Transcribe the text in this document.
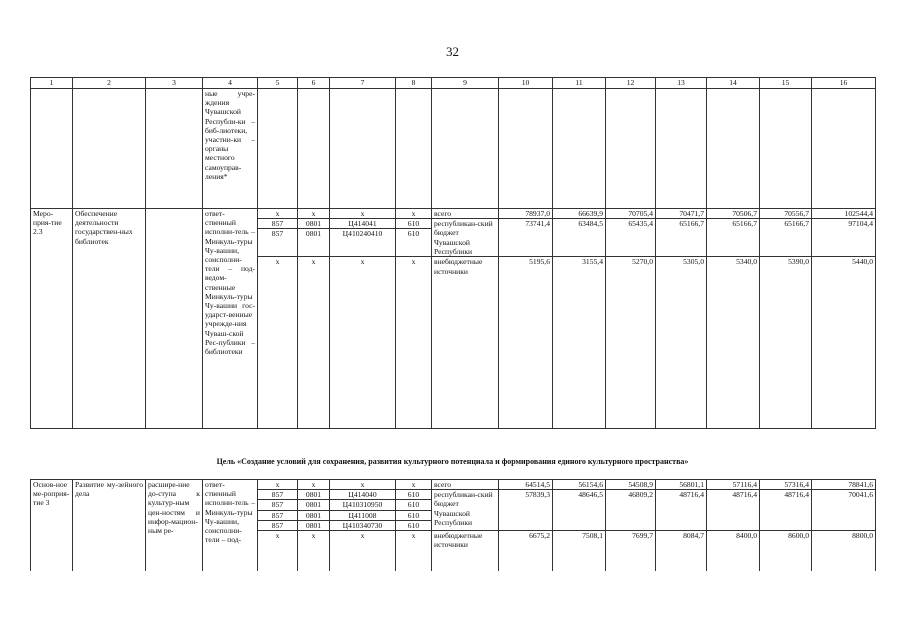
32
1	2	3	4	5	6	7	8	9	10	11	12	13	14	15	16
			ные учре-ждения Чувашской Республи-ки – биб-лиотеки, участни-ки – органы местного самоуправ-ления*												
Меро-прия-тие 2.3	Обеспечение деятельности государствен-ных библиотек		ответ-ственный исполни-тель – Минкуль-туры Чу-вашии, соисполни-тели – под-ведом-ственные Минкуль-туры Чу-вашии гос-ударст-венные учрежде-ния Чуваш-ской Рес-публики – библиотеки	х	х	х	х	всего	78937,0	66639,9	70705,4	70471,7	70506,7	70556,7	102544,4
				857	0801	Ц414041	610	республикан-ский бюджет Чувашской Республики	73741,4	63484,5	65435,4	65166,7	65166,7	65166,7	97104,4
				857	0801	Ц410240410	610								
				х	х	х	х	внебюджетные источники	5195,6	3155,4	5270,0	5305,0	5340,0	5390,0	5440,0
Цель «Создание условий для сохранения, развития культурного потенциала и формирования единого культурного пространства»
Основ-ное ме-роприя-тие 3	Развитие му-зейного дела	расшире-ние до-ступа к культур-ным цен-ностям и инфор-мацион-ным ре-	ответ-ственный исполни-тель – Минкуль-туры Чу-вашии, соисполни-тели – под-	х	х	х	х	всего	64514,5	56154,6	54508,9	56801,1	57116,4	57316,4	78841,6
				857	0801	Ц414040	610	республикан-ский бюджет Чувашской Республики	57839,3	48646,5	46809,2	48716,4	48716,4	48716,4	70041,6
				857	0801	Ц410310950	610								
				857	0801	Ц411008	610								
				857	0801	Ц410340730	610								
				х	х	х	х	внебюджетные источники	6675,2	7508,1	7699,7	8084,7	8400,0	8600,0	8800,0
